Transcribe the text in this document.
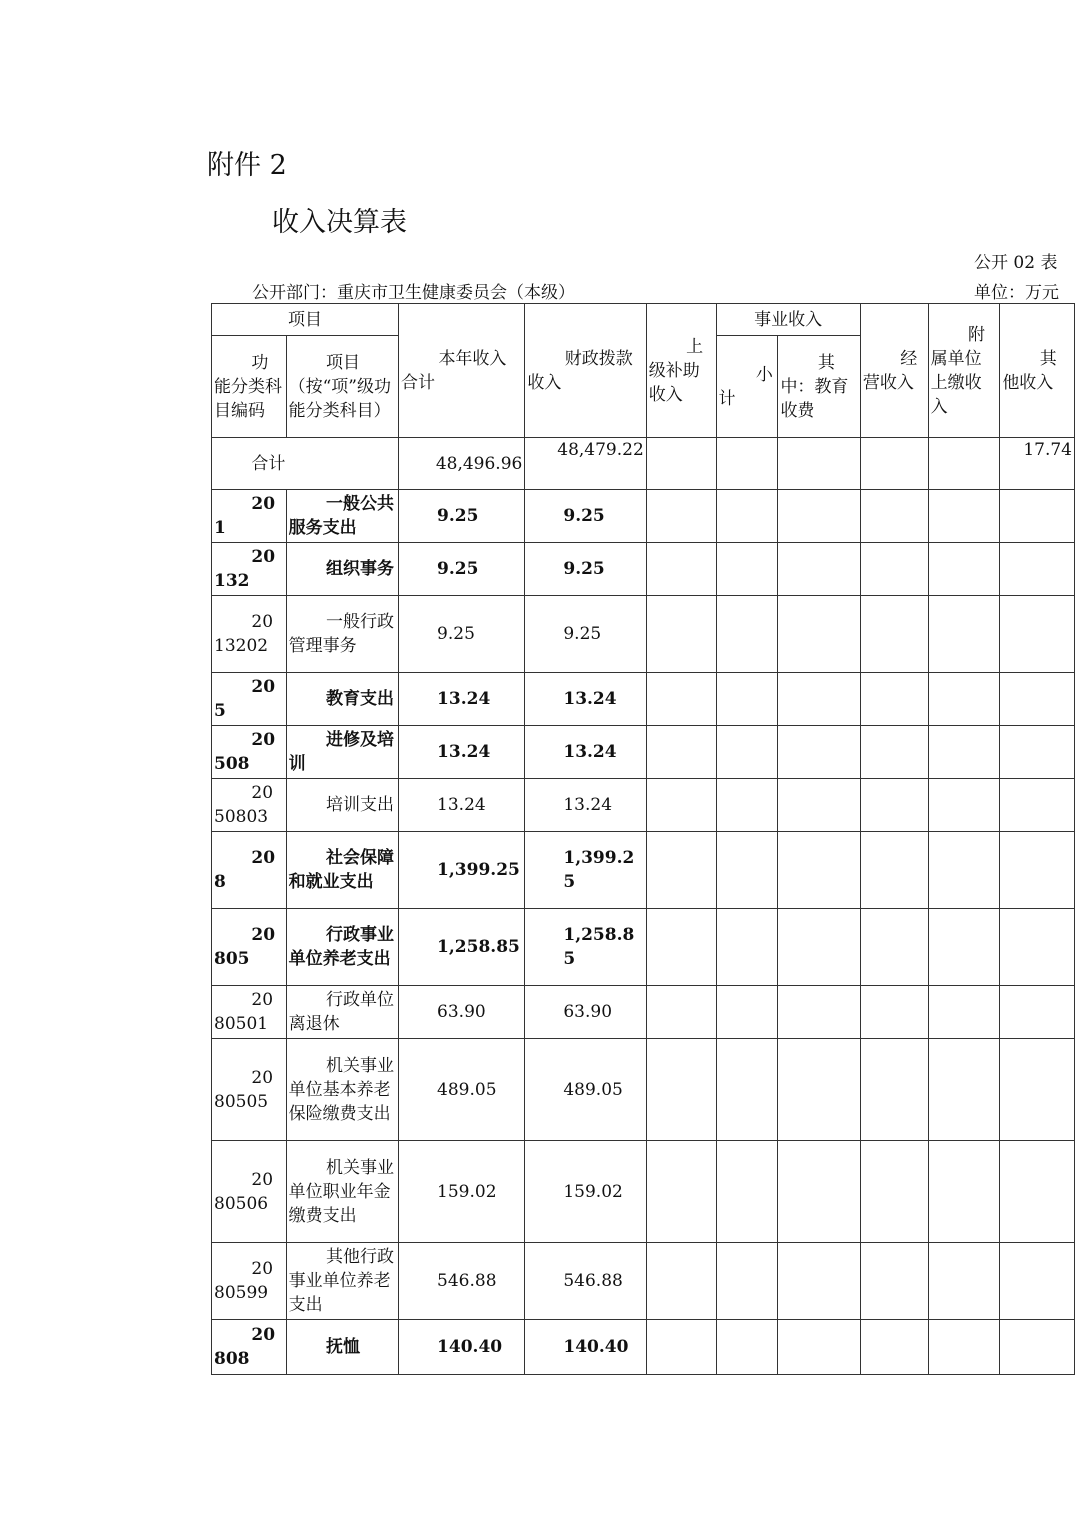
附件 2
收入决算表
公开 02 表
公开部门：重庆市卫生健康委员会（本级）	单位：万元
项目		本年收入合计	财政拨款收入	上级补助收入	事业收入		经营收入	附属单位上缴收入	其他收入

功能分类科目编码	项目（按“项”级功能分类科目）				小计	其中：教育收费			

合计		48,496.96	48,479.22						17.74

201	一般公共服务支出	9.25	9.25						

20132	组织事务	9.25	9.25						

2013202	一般行政管理事务	9.25	9.25						

205	教育支出	13.24	13.24						

20508	进修及培训	13.24	13.24						

2050803	培训支出	13.24	13.24						

208	社会保障和就业支出	1,399.25	1,399.25						

20805	行政事业单位养老支出	1,258.85	1,258.85						

2080501	行政单位离退休	63.90	63.90						

2080505	机关事业单位基本养老保险缴费支出	489.05	489.05						

2080506	机关事业单位职业年金缴费支出	159.02	159.02						

2080599	其他行政事业单位养老支出	546.88	546.88						

20808	抚恤	140.40	140.40						
